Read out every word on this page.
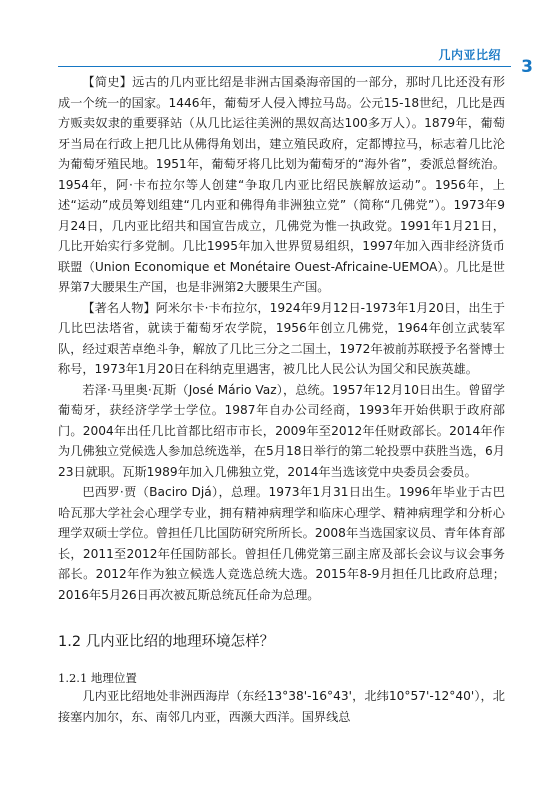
几内亚比绍
3

【简史】远古的几内亚比绍是非洲古国桑海帝国的一部分，那时几比还没有形成一个统一的国家。1446年，葡萄牙人侵入博拉马岛。公元15-18世纪，几比是西方贩卖奴隶的重要驿站（从几比运往美洲的黑奴高达100多万人）。1879年，葡萄牙当局在行政上把几比从佛得角划出，建立殖民政府，定都博拉马，标志着几比沦为葡萄牙殖民地。1951年，葡萄牙将几比划为葡萄牙的“海外省”，委派总督统治。1954年，阿·卡布拉尔等人创建“争取几内亚比绍民族解放运动”。1956年，上述“运动”成员筹划组建“几内亚和佛得角非洲独立党”（简称“几佛党”）。1973年9月24日，几内亚比绍共和国宣告成立，几佛党为惟一执政党。1991年1月21日，几比开始实行多党制。几比1995年加入世界贸易组织，1997年加入西非经济货币联盟（Union Economique et Monétaire Ouest-Africaine-UEMOA）。几比是世界第7大腰果生产国，也是非洲第2大腰果生产国。

【著名人物】阿米尔卡·卡布拉尔，1924年9月12日-1973年1月20日，出生于几比巴法塔省，就读于葡萄牙农学院，1956年创立几佛党，1964年创立武装军队，经过艰苦卓绝斗争，解放了几比三分之二国土，1972年被前苏联授予名誉博士称号，1973年1月20日在科纳克里遇害，被几比人民公认为国父和民族英雄。

若泽·马里奥·瓦斯（José Mário Vaz），总统。1957年12月10日出生。曾留学葡萄牙，获经济学学士学位。1987年自办公司经商，1993年开始供职于政府部门。2004年出任几比首都比绍市市长，2009年至2012年任财政部长。2014年作为几佛独立党候选人参加总统选举，在5月18日举行的第二轮投票中获胜当选，6月23日就职。瓦斯1989年加入几佛独立党，2014年当选该党中央委员会委员。

巴西罗·贾（Baciro Djá），总理。1973年1月31日出生。1996年毕业于古巴哈瓦那大学社会心理学专业，拥有精神病理学和临床心理学、精神病理学和分析心理学双硕士学位。曾担任几比国防研究所所长。2008年当选国家议员、青年体育部长，2011至2012年任国防部长。曾担任几佛党第三副主席及部长会议与议会事务部长。2012年作为独立候选人竞选总统大选。2015年8-9月担任几比政府总理；2016年5月26日再次被瓦斯总统瓦任命为总理。

1.2 几内亚比绍的地理环境怎样？
1.2.1 地理位置

几内亚比绍地处非洲西海岸（东经13°38'-16°43'，北纬10°57'-12°40'），北接塞内加尔，东、南邻几内亚，西濒大西洋。国界线总
